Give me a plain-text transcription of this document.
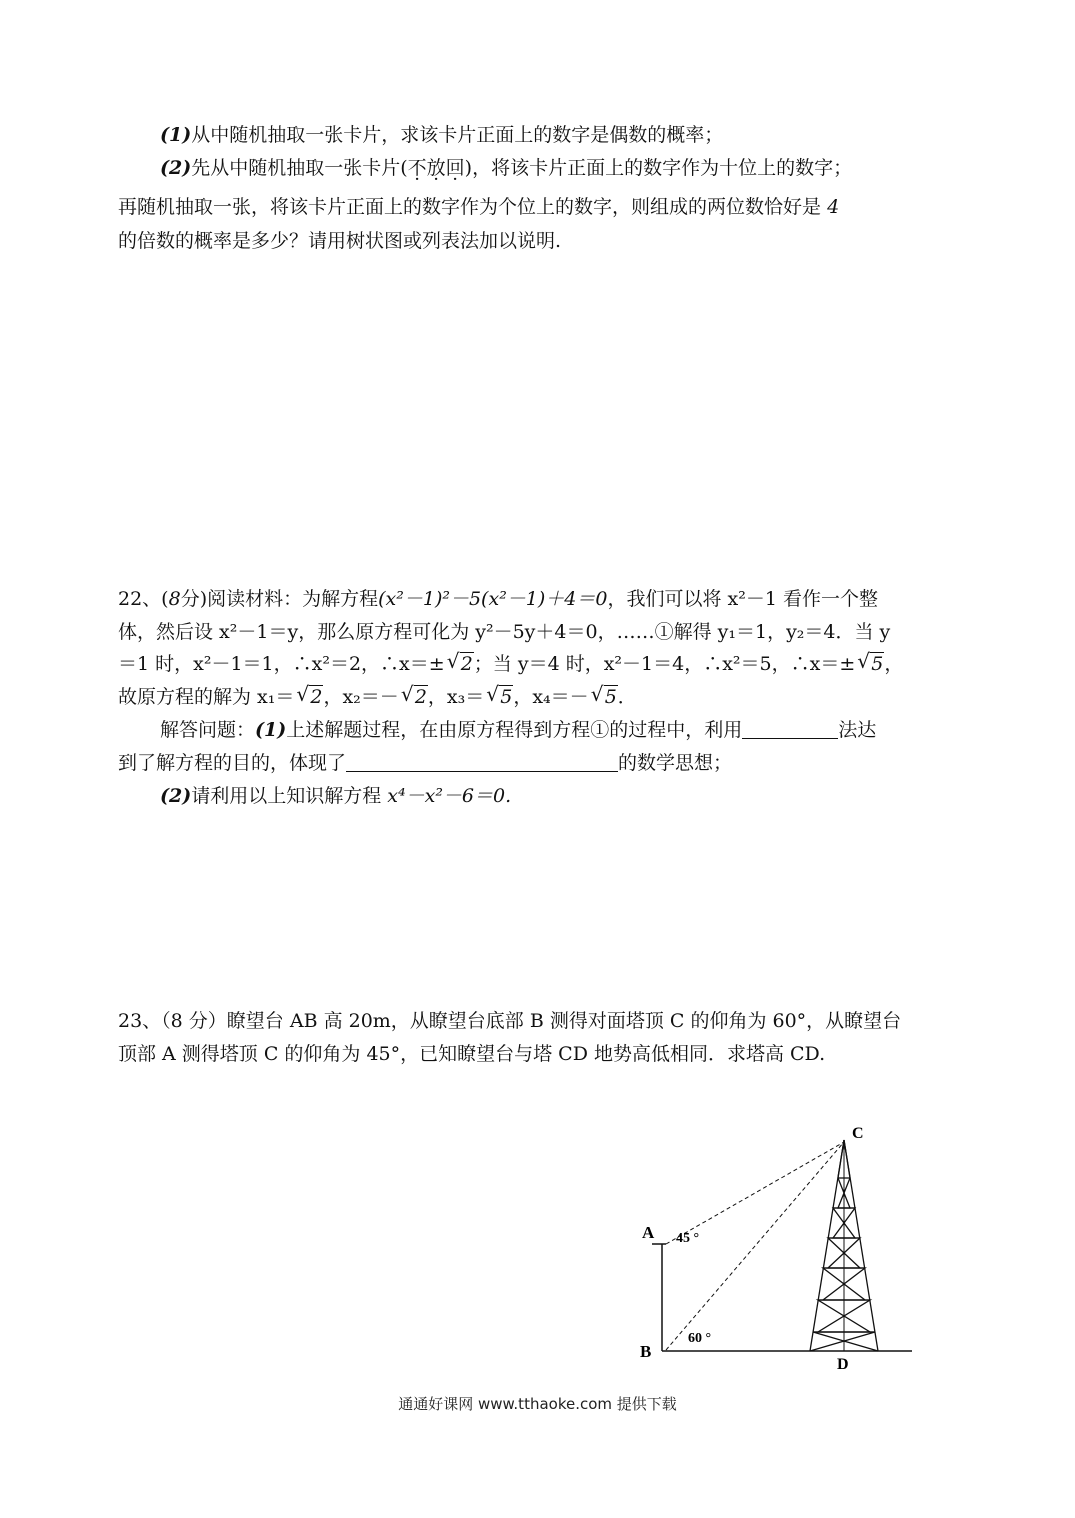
(1)从中随机抽取一张卡片，求该卡片正面上的数字是偶数的概率；
(2)先从中随机抽取一张卡片(不放回)，将该卡片正面上的数字作为十位上的数字；
再随机抽取一张，将该卡片正面上的数字作为个位上的数字，则组成的两位数恰好是 4
的倍数的概率是多少？请用树状图或列表法加以说明.
22、(8分)阅读材料：为解方程(x²－1)²－5(x²－1)＋4＝0，我们可以将 x²－1 看作一个整
体，然后设 x²－1＝y，那么原方程可化为 y²－5y＋4＝0，……①解得 y₁＝1，y₂＝4．当 y
＝1 时，x²－1＝1，∴x²＝2，∴x＝± √ 2；当 y＝4 时，x²－1＝4，∴x²＝5，∴x＝± √ 5，
故原方程的解为 x₁＝ √ 2，x₂＝－ √ 2，x₃＝ √ 5，x₄＝－ √ 5．
解答问题：(1)上述解题过程，在由原方程得到方程①的过程中，利用	法达
到了解方程的目的，体现了	的数学思想；
(2)请利用以上知识解方程 x⁴－x²－6＝0.
23、（8 分）瞭望台 AB 高 20m，从瞭望台底部 B 测得对面塔顶 C 的仰角为 60°，从瞭望台
顶部 A 测得塔顶 C 的仰角为 45°，已知瞭望台与塔 CD 地势高低相同．求塔高 CD.
C
A
B
D
45 °
60 °
通通好课网 www.tthaoke.com 提供下载
